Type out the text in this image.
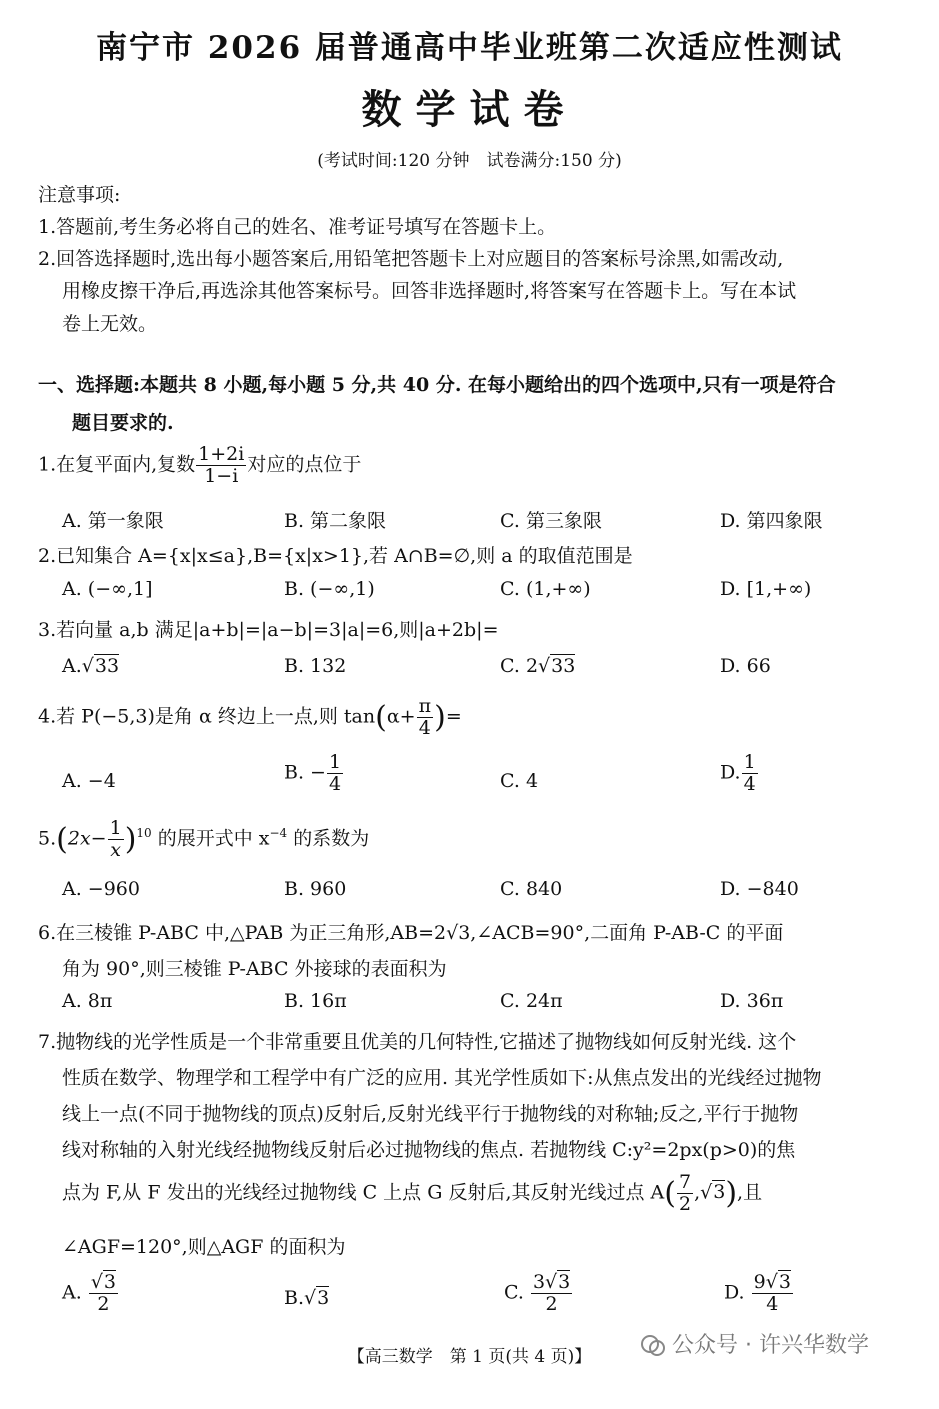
南宁市 2026 届普通高中毕业班第二次适应性测试
数学试卷
(考试时间:120 分钟　试卷满分:150 分)
注意事项:
1.答题前,考生务必将自己的姓名、准考证号填写在答题卡上。
2.回答选择题时,选出每小题答案后,用铅笔把答题卡上对应题目的答案标号涂黑,如需改动,
用橡皮擦干净后,再选涂其他答案标号。回答非选择题时,将答案写在答题卡上。写在本试
卷上无效。
一、选择题:本题共 8 小题,每小题 5 分,共 40 分. 在每小题给出的四个选项中,只有一项是符合
题目要求的.
1.在复平面内,复数 $\frac{1+2i}{1-i}$ 对应的点位于
A. 第一象限	B. 第二象限	C. 第三象限	D. 第四象限
2.已知集合 A={x|x≤a},B={x|x>1},若 A∩B=∅,则 a 的取值范围是
A. (−∞,1]	B. (−∞,1)	C. (1,+∞)	D. [1,+∞)
3.若向量 a,b 满足|a+b|=|a−b|=3|a|=6,则|a+2b|=
A.√33	B. 132	C. 2√33	D. 66
4.若 P(−5,3)是角 α 终边上一点,则 $\tan(\alpha+ \frac{\pi}{4}$ )=
A. −4	B. − $\frac{1}{4}$	C. 4	D. $\frac{1}{4}$
$5.(2x- \frac{1}{x} )^{10}$ 的展开式中 $x^{-4}$ 的系数为
A. −960	B. 960	C. 840	D. −840
6.在三棱锥 P-ABC 中,△PAB 为正三角形,AB=2√3,∠ACB=90°,二面角 P-AB-C 的平面
角为 90°,则三棱锥 P-ABC 外接球的表面积为
A. 8π	B. 16π	C. 24π	D. 36π
7.抛物线的光学性质是一个非常重要且优美的几何特性,它描述了抛物线如何反射光线. 这个
性质在数学、物理学和工程学中有广泛的应用. 其光学性质如下:从焦点发出的光线经过抛物
线上一点(不同于抛物线的顶点)反射后,反射光线平行于抛物线的对称轴;反之,平行于抛物
线对称轴的入射光线经抛物线反射后必过抛物线的焦点. 若抛物线 C:y²=2px(p>0)的焦
点为 F,从 F 发出的光线经过抛物线 C 上点 G 反射后,其反射光线过点 $A( \frac{7}{2} ,√3)$,且
∠AGF=120°,则△AGF 的面积为
A. $\frac{√3}{2}$	B.√3	C. $\frac{3√3}{2}$	D. $\frac{9√3}{4}$
【高三数学　第 1 页(共 4 页)】	公众号 · 许兴华数学
